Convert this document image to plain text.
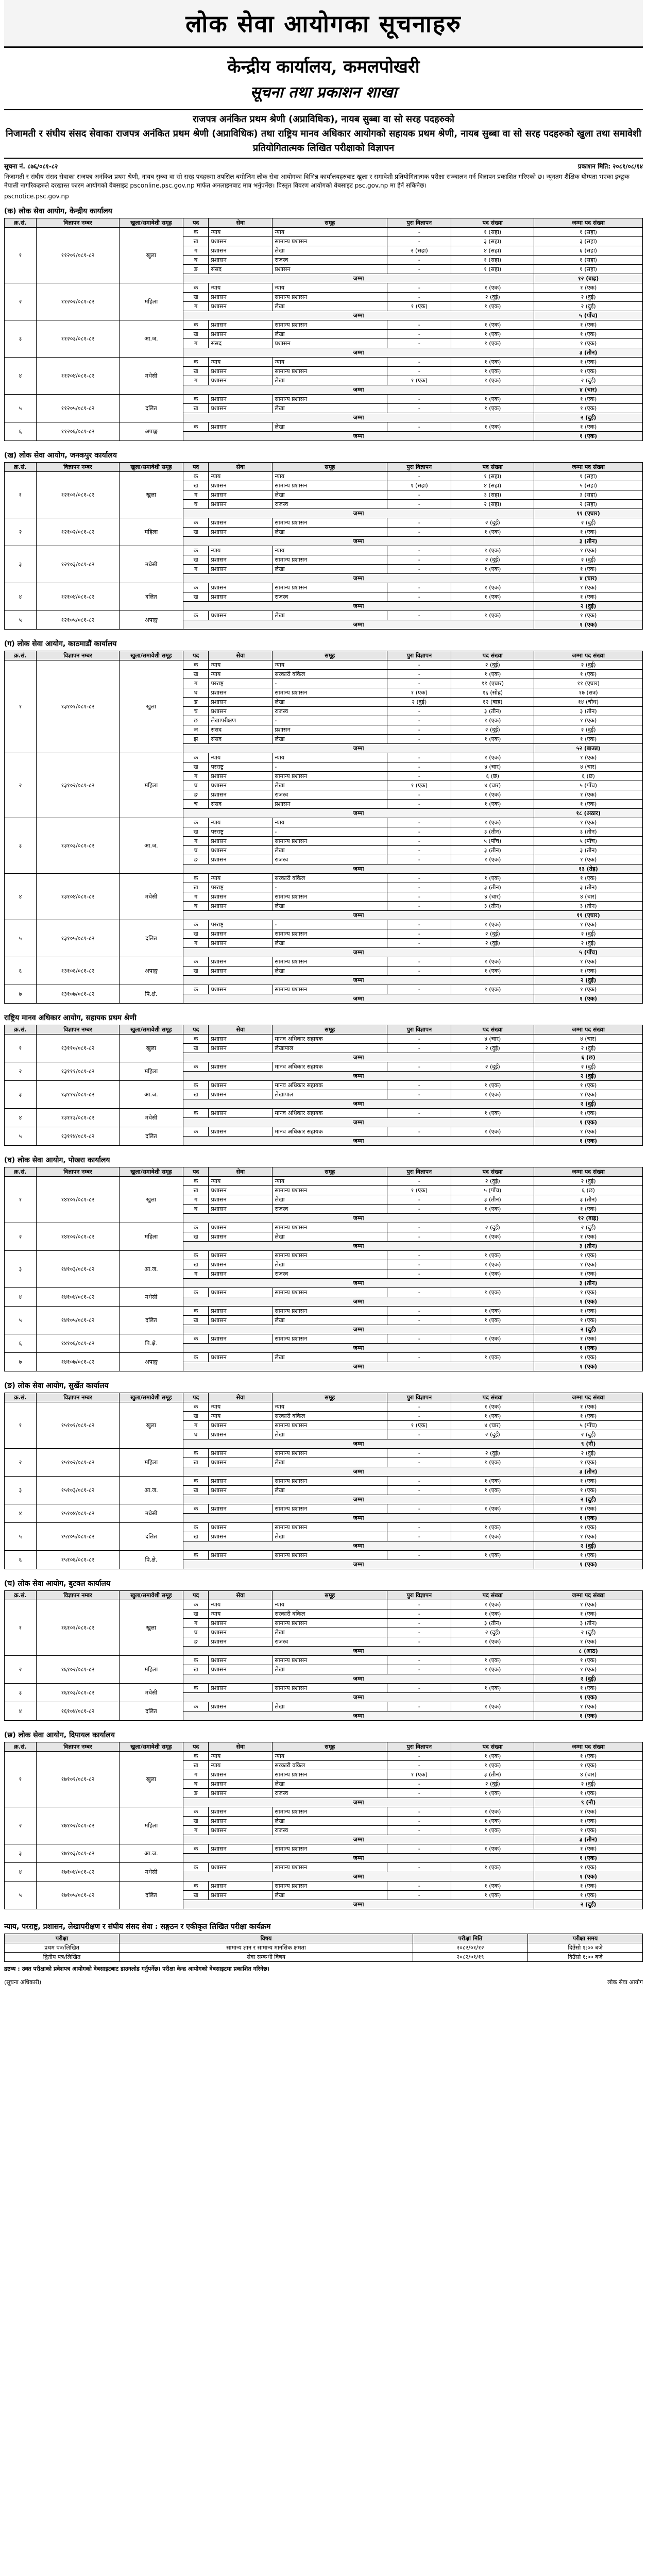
लोक सेवा आयोगका सूचनाहरु
केन्द्रीय कार्यालय, कमलपोखरी
सूचना तथा प्रकाशन शाखा
राजपत्र अनंकित प्रथम श्रेणी (अप्राविधिक), नायब सुब्बा वा सो सरह पदहरुको
निजामती र संघीय संसद सेवाका राजपत्र अनंकित प्रथम श्रेणी (अप्राविधिक) तथा राष्ट्रिय मानव अधिकार आयोगको सहायक प्रथम श्रेणी, नायब सुब्बा वा सो सरह पदहरुको खुला तथा समावेशी प्रतियोगितात्मक लिखित परीक्षाको विज्ञापन
सूचना नं. ८७६/०८१-८२	प्रकाशन मिति: २०८१/०८/१४
निजामती र संघीय संसद सेवाका राजपत्र अनंकित प्रथम श्रेणी, नायब सुब्बा वा सो सरह पदहरुमा तपसिल बमोजिम लोक सेवा आयोगका विभिन्न कार्यालयहरुबाट खुला र समावेशी प्रतियोगितात्मक परीक्षा सञ्चालन गर्न विज्ञापन प्रकाशित गरिएको छ। न्यूनतम शैक्षिक योग्यता भएका इच्छुक नेपाली नागरिकहरुले दरखास्त फारम आयोगको वेबसाइट psconline.psc.gov.np मार्फत अनलाइनबाट मात्र भर्नुपर्नेछ। विस्तृत विवरण आयोगको वेबसाइट psc.gov.np मा हेर्न सकिनेछ।
pscnotice.psc.gov.np
(क) लोक सेवा आयोग, केन्द्रीय कार्यालय
क्र.सं.	विज्ञापन नम्बर	खुला/समावेशी समूह	पद	सेवा	समूह	पुरा विज्ञापन	पद संख्या	जम्मा पद संख्या
१	११२०१/०८१-८२	खुला	क	न्याय	न्याय	-	१ (सहा)	१ (सहा)
			ख	प्रशासन	सामान्य प्रशासन	-	३ (सहा)	३ (सहा)
			ग	प्रशासन	लेखा	२ (सहा)	४ (सहा)	६ (सहा)
			घ	प्रशासन	राजस्व	-	१ (सहा)	१ (सहा)
			ङ	संसद	प्रशासन	-	१ (सहा)	१ (सहा)
			जम्मा					१२ (बाह्र)
२	११२०२/०८१-८२	महिला	क	न्याय	न्याय	-	१ (एक)	१ (एक)
			ख	प्रशासन	सामान्य प्रशासन	-	२ (दुई)	२ (दुई)
			ग	प्रशासन	लेखा	१ (एक)	१ (एक)	२ (दुई)
			जम्मा					५ (पाँच)
३	११२०३/०८१-८२	आ.ज.	क	प्रशासन	सामान्य प्रशासन	-	१ (एक)	१ (एक)
			ख	प्रशासन	लेखा	-	१ (एक)	१ (एक)
			ग	संसद	प्रशासन	-	१ (एक)	१ (एक)
			जम्मा					३ (तीन)
४	११२०४/०८१-८२	मधेसी	क	न्याय	न्याय	-	१ (एक)	१ (एक)
			ख	प्रशासन	सामान्य प्रशासन	-	१ (एक)	१ (एक)
			ग	प्रशासन	लेखा	१ (एक)	१ (एक)	२ (दुई)
			जम्मा					४ (चार)
५	११२०५/०८१-८२	दलित	क	प्रशासन	सामान्य प्रशासन	-	१ (एक)	१ (एक)
			ख	प्रशासन	लेखा	-	१ (एक)	१ (एक)
			जम्मा					२ (दुई)
६	११२०६/०८१-८२	अपाङ्ग	क	प्रशासन	लेखा	-	१ (एक)	१ (एक)
			जम्मा					१ (एक)
(ख) लोक सेवा आयोग, जनकपुर कार्यालय
क्र.सं.	विज्ञापन नम्बर	खुला/समावेशी समूह	पद	सेवा	समूह	पुरा विज्ञापन	पद संख्या	जम्मा पद संख्या
१	१२१०१/०८१-८२	खुला	क	न्याय	न्याय	-	१ (सहा)	१ (सहा)
			ख	प्रशासन	सामान्य प्रशासन	१ (सहा)	४ (सहा)	५ (सहा)
			ग	प्रशासन	लेखा	-	३ (सहा)	३ (सहा)
			घ	प्रशासन	राजस्व	-	२ (सहा)	२ (सहा)
			जम्मा					११ (एघार)
२	१२१०२/०८१-८२	महिला	क	प्रशासन	सामान्य प्रशासन	-	२ (दुई)	२ (दुई)
			ख	प्रशासन	लेखा	-	१ (एक)	१ (एक)
			जम्मा					३ (तीन)
३	१२१०३/०८१-८२	मधेसी	क	न्याय	न्याय	-	१ (एक)	१ (एक)
			ख	प्रशासन	सामान्य प्रशासन	-	२ (दुई)	२ (दुई)
			ग	प्रशासन	लेखा	-	१ (एक)	१ (एक)
			जम्मा					४ (चार)
४	१२१०४/०८१-८२	दलित	क	प्रशासन	सामान्य प्रशासन	-	१ (एक)	१ (एक)
			ख	प्रशासन	राजस्व	-	१ (एक)	१ (एक)
			जम्मा					२ (दुई)
५	१२१०५/०८१-८२	अपाङ्ग	क	प्रशासन	लेखा	-	१ (एक)	१ (एक)
			जम्मा					१ (एक)
(ग) लोक सेवा आयोग, काठमाडौं कार्यालय
क्र.सं.	विज्ञापन नम्बर	खुला/समावेशी समूह	पद	सेवा	समूह	पुरा विज्ञापन	पद संख्या	जम्मा पद संख्या
१	१३१०१/०८१-८२	खुला	क	न्याय	न्याय	-	२ (दुई)	२ (दुई)
			ख	न्याय	सरकारी वकिल	-	१ (एक)	१ (एक)
			ग	परराष्ट्र	-	-	११ (एघार)	११ (एघार)
			घ	प्रशासन	सामान्य प्रशासन	१ (एक)	१६ (सोह्र)	१७ (सत्र)
			ङ	प्रशासन	लेखा	२ (दुई)	१२ (बाह्र)	१४ (चौध)
			च	प्रशासन	राजस्व	-	३ (तीन)	३ (तीन)
			छ	लेखापरीक्षण	-	-	१ (एक)	१ (एक)
			ज	संसद	प्रशासन	-	२ (दुई)	२ (दुई)
			झ	संसद	लेखा	-	१ (एक)	१ (एक)
			जम्मा					५२ (बाउन्न)
२	१३१०२/०८१-८२	महिला	क	न्याय	न्याय	-	१ (एक)	१ (एक)
			ख	परराष्ट्र	-	-	४ (चार)	४ (चार)
			ग	प्रशासन	सामान्य प्रशासन	-	६ (छ)	६ (छ)
			घ	प्रशासन	लेखा	१ (एक)	४ (चार)	५ (पाँच)
			ङ	प्रशासन	राजस्व	-	१ (एक)	१ (एक)
			च	संसद	प्रशासन	-	१ (एक)	१ (एक)
			जम्मा					१८ (अठार)
३	१३१०३/०८१-८२	आ.ज.	क	न्याय	न्याय	-	१ (एक)	१ (एक)
			ख	परराष्ट्र	-	-	३ (तीन)	३ (तीन)
			ग	प्रशासन	सामान्य प्रशासन	-	५ (पाँच)	५ (पाँच)
			घ	प्रशासन	लेखा	-	३ (तीन)	३ (तीन)
			ङ	प्रशासन	राजस्व	-	१ (एक)	१ (एक)
			जम्मा					१३ (तेह्र)
४	१३१०४/०८१-८२	मधेसी	क	न्याय	सरकारी वकिल	-	१ (एक)	१ (एक)
			ख	परराष्ट्र	-	-	३ (तीन)	३ (तीन)
			ग	प्रशासन	सामान्य प्रशासन	-	४ (चार)	४ (चार)
			घ	प्रशासन	लेखा	-	३ (तीन)	३ (तीन)
			जम्मा					११ (एघार)
५	१३१०५/०८१-८२	दलित	क	परराष्ट्र	-	-	१ (एक)	१ (एक)
			ख	प्रशासन	सामान्य प्रशासन	-	२ (दुई)	२ (दुई)
			ग	प्रशासन	लेखा	-	२ (दुई)	२ (दुई)
			जम्मा					५ (पाँच)
६	१३१०६/०८१-८२	अपाङ्ग	क	प्रशासन	सामान्य प्रशासन	-	१ (एक)	१ (एक)
			ख	प्रशासन	लेखा	-	१ (एक)	१ (एक)
			जम्मा					२ (दुई)
७	१३१०७/०८१-८२	पि.क्षे.	क	प्रशासन	सामान्य प्रशासन	-	१ (एक)	१ (एक)
			जम्मा					१ (एक)
राष्ट्रिय मानव अधिकार आयोग, सहायक प्रथम श्रेणी
क्र.सं.	विज्ञापन नम्बर	खुला/समावेशी समूह	पद	सेवा	समूह	पुरा विज्ञापन	पद संख्या	जम्मा पद संख्या
१	१३११०/०८१-८२	खुला	क	प्रशासन	मानव अधिकार सहायक	-	४ (चार)	४ (चार)
			ख	प्रशासन	लेखापाल	-	२ (दुई)	२ (दुई)
			जम्मा					६ (छ)
२	१३१११/०८१-८२	महिला	क	प्रशासन	मानव अधिकार सहायक	-	२ (दुई)	२ (दुई)
			जम्मा					२ (दुई)
३	१३११२/०८१-८२	आ.ज.	क	प्रशासन	मानव अधिकार सहायक	-	१ (एक)	१ (एक)
			ख	प्रशासन	लेखापाल	-	१ (एक)	१ (एक)
			जम्मा					२ (दुई)
४	१३११३/०८१-८२	मधेसी	क	प्रशासन	मानव अधिकार सहायक	-	१ (एक)	१ (एक)
			जम्मा					१ (एक)
५	१३११४/०८१-८२	दलित	क	प्रशासन	मानव अधिकार सहायक	-	१ (एक)	१ (एक)
			जम्मा					१ (एक)
(घ) लोक सेवा आयोग, पोखरा कार्यालय
क्र.सं.	विज्ञापन नम्बर	खुला/समावेशी समूह	पद	सेवा	समूह	पुरा विज्ञापन	पद संख्या	जम्मा पद संख्या
१	१४१०१/०८१-८२	खुला	क	न्याय	न्याय	-	२ (दुई)	२ (दुई)
			ख	प्रशासन	सामान्य प्रशासन	१ (एक)	५ (पाँच)	६ (छ)
			ग	प्रशासन	लेखा	-	३ (तीन)	३ (तीन)
			घ	प्रशासन	राजस्व	-	१ (एक)	१ (एक)
			जम्मा					१२ (बाह्र)
२	१४१०२/०८१-८२	महिला	क	प्रशासन	सामान्य प्रशासन	-	२ (दुई)	२ (दुई)
			ख	प्रशासन	लेखा	-	१ (एक)	१ (एक)
			जम्मा					३ (तीन)
३	१४१०३/०८१-८२	आ.ज.	क	प्रशासन	सामान्य प्रशासन	-	१ (एक)	१ (एक)
			ख	प्रशासन	लेखा	-	१ (एक)	१ (एक)
			ग	प्रशासन	राजस्व	-	१ (एक)	१ (एक)
			जम्मा					३ (तीन)
४	१४१०४/०८१-८२	मधेसी	क	प्रशासन	सामान्य प्रशासन	-	१ (एक)	१ (एक)
			जम्मा					१ (एक)
५	१४१०५/०८१-८२	दलित	क	प्रशासन	सामान्य प्रशासन	-	१ (एक)	१ (एक)
			ख	प्रशासन	लेखा	-	१ (एक)	१ (एक)
			जम्मा					२ (दुई)
६	१४१०६/०८१-८२	पि.क्षे.	क	प्रशासन	सामान्य प्रशासन	-	१ (एक)	१ (एक)
			जम्मा					१ (एक)
७	१४१०७/०८१-८२	अपाङ्ग	क	प्रशासन	लेखा	-	१ (एक)	१ (एक)
			जम्मा					१ (एक)
(ङ) लोक सेवा आयोग, सुर्खेत कार्यालय
क्र.सं.	विज्ञापन नम्बर	खुला/समावेशी समूह	पद	सेवा	समूह	पुरा विज्ञापन	पद संख्या	जम्मा पद संख्या
१	१५१०१/०८१-८२	खुला	क	न्याय	न्याय	-	१ (एक)	१ (एक)
			ख	न्याय	सरकारी वकिल	-	१ (एक)	१ (एक)
			ग	प्रशासन	सामान्य प्रशासन	१ (एक)	४ (चार)	५ (पाँच)
			घ	प्रशासन	लेखा	-	२ (दुई)	२ (दुई)
			जम्मा					९ (नौ)
२	१५१०२/०८१-८२	महिला	क	प्रशासन	सामान्य प्रशासन	-	२ (दुई)	२ (दुई)
			ख	प्रशासन	लेखा	-	१ (एक)	१ (एक)
			जम्मा					३ (तीन)
३	१५१०३/०८१-८२	आ.ज.	क	प्रशासन	सामान्य प्रशासन	-	१ (एक)	१ (एक)
			ख	प्रशासन	लेखा	-	१ (एक)	१ (एक)
			जम्मा					२ (दुई)
४	१५१०४/०८१-८२	मधेसी	क	प्रशासन	सामान्य प्रशासन	-	१ (एक)	१ (एक)
			जम्मा					१ (एक)
५	१५१०५/०८१-८२	दलित	क	प्रशासन	सामान्य प्रशासन	-	१ (एक)	१ (एक)
			ख	प्रशासन	लेखा	-	१ (एक)	१ (एक)
			जम्मा					२ (दुई)
६	१५१०६/०८१-८२	पि.क्षे.	क	प्रशासन	सामान्य प्रशासन	-	१ (एक)	१ (एक)
			जम्मा					१ (एक)
(च) लोक सेवा आयोग, बुटवल कार्यालय
क्र.सं.	विज्ञापन नम्बर	खुला/समावेशी समूह	पद	सेवा	समूह	पुरा विज्ञापन	पद संख्या	जम्मा पद संख्या
१	१६१०१/०८१-८२	खुला	क	न्याय	न्याय	-	१ (एक)	१ (एक)
			ख	न्याय	सरकारी वकिल	-	१ (एक)	१ (एक)
			ग	प्रशासन	सामान्य प्रशासन	-	३ (तीन)	३ (तीन)
			घ	प्रशासन	लेखा	-	२ (दुई)	२ (दुई)
			ङ	प्रशासन	राजस्व	-	१ (एक)	१ (एक)
			जम्मा					८ (आठ)
२	१६१०२/०८१-८२	महिला	क	प्रशासन	सामान्य प्रशासन	-	१ (एक)	१ (एक)
			ख	प्रशासन	लेखा	-	१ (एक)	१ (एक)
			जम्मा					२ (दुई)
३	१६१०३/०८१-८२	मधेसी	क	प्रशासन	सामान्य प्रशासन	-	१ (एक)	१ (एक)
			जम्मा					१ (एक)
४	१६१०४/०८१-८२	दलित	क	प्रशासन	लेखा	-	१ (एक)	१ (एक)
			जम्मा					१ (एक)
(छ) लोक सेवा आयोग, दिपायल कार्यालय
क्र.सं.	विज्ञापन नम्बर	खुला/समावेशी समूह	पद	सेवा	समूह	पुरा विज्ञापन	पद संख्या	जम्मा पद संख्या
१	१७१०१/०८१-८२	खुला	क	न्याय	न्याय	-	१ (एक)	१ (एक)
			ख	न्याय	सरकारी वकिल	-	१ (एक)	१ (एक)
			ग	प्रशासन	सामान्य प्रशासन	१ (एक)	३ (तीन)	४ (चार)
			घ	प्रशासन	लेखा	-	२ (दुई)	२ (दुई)
			ङ	प्रशासन	राजस्व	-	१ (एक)	१ (एक)
			जम्मा					९ (नौ)
२	१७१०२/०८१-८२	महिला	क	प्रशासन	सामान्य प्रशासन	-	१ (एक)	१ (एक)
			ख	प्रशासन	लेखा	-	१ (एक)	१ (एक)
			ग	प्रशासन	राजस्व	-	१ (एक)	१ (एक)
			जम्मा					३ (तीन)
३	१७१०३/०८१-८२	आ.ज.	क	प्रशासन	सामान्य प्रशासन	-	१ (एक)	१ (एक)
			जम्मा					१ (एक)
४	१७१०४/०८१-८२	मधेसी	क	प्रशासन	सामान्य प्रशासन	-	१ (एक)	१ (एक)
			जम्मा					१ (एक)
५	१७१०५/०८१-८२	दलित	क	प्रशासन	सामान्य प्रशासन	-	१ (एक)	१ (एक)
			ख	प्रशासन	लेखा	-	१ (एक)	१ (एक)
			जम्मा					२ (दुई)
न्याय, परराष्ट्र, प्रशासन, लेखापरीक्षण र संघीय संसद सेवा : सङ्गठन र एकीकृत लिखित परीक्षा कार्यक्रम
परीक्षा	विषय	परीक्षा मिति	परीक्षा समय
प्रथम पत्र/लिखित	सामान्य ज्ञान र सामान्य मानसिक क्षमता	२०८२/०१/१२	दिउँसो १:०० बजे
द्वितीय पत्र/लिखित	सेवा सम्बन्धी विषय	२०८२/०१/१९	दिउँसो १:०० बजे
द्रष्टव्य : उक्त परीक्षाको प्रवेशपत्र आयोगको वेबसाइटबाट डाउनलोड गर्नुपर्नेछ। परीक्षा केन्द्र आयोगको वेबसाइटमा प्रकाशित गरिनेछ।
(सूचना अधिकारी)	लोक सेवा आयोग
